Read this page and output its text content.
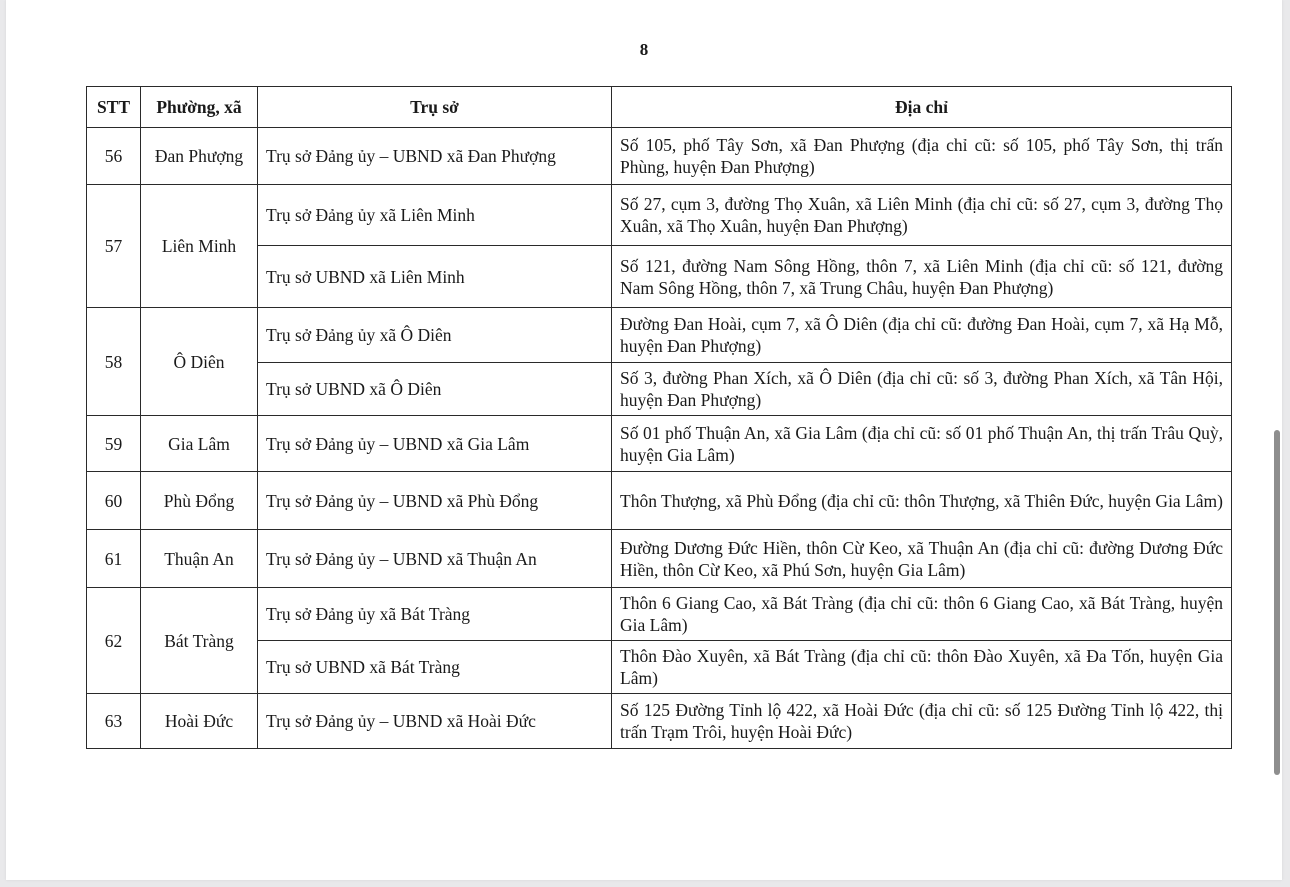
8
STT	Phường, xã	Trụ sở	Địa chỉ
56	Đan Phượng	Trụ sở Đảng ủy – UBND xã Đan Phượng	Số 105, phố Tây Sơn, xã Đan Phượng (địa chỉ cũ: số 105, phố Tây Sơn, thị trấn Phùng, huyện Đan Phượng)
57	Liên Minh	Trụ sở Đảng ủy xã Liên Minh	Số 27, cụm 3, đường Thọ Xuân, xã Liên Minh (địa chỉ cũ: số 27, cụm 3, đường Thọ Xuân, xã Thọ Xuân, huyện Đan Phượng)
		Trụ sở UBND xã Liên Minh	Số 121, đường Nam Sông Hồng, thôn 7, xã Liên Minh (địa chỉ cũ: số 121, đường Nam Sông Hồng, thôn 7, xã Trung Châu, huyện Đan Phượng)
58	Ô Diên	Trụ sở Đảng ủy xã Ô Diên	Đường Đan Hoài, cụm 7, xã Ô Diên (địa chỉ cũ: đường Đan Hoài, cụm 7, xã Hạ Mỗ, huyện Đan Phượng)
		Trụ sở UBND xã Ô Diên	Số 3, đường Phan Xích, xã Ô Diên (địa chỉ cũ: số 3, đường Phan Xích, xã Tân Hội, huyện Đan Phượng)
59	Gia Lâm	Trụ sở Đảng ủy – UBND xã Gia Lâm	Số 01 phố Thuận An, xã Gia Lâm (địa chỉ cũ: số 01 phố Thuận An, thị trấn Trâu Quỳ, huyện Gia Lâm)
60	Phù Đổng	Trụ sở Đảng ủy – UBND xã Phù Đổng	Thôn Thượng, xã Phù Đổng (địa chỉ cũ: thôn Thượng, xã Thiên Đức, huyện Gia Lâm)
61	Thuận An	Trụ sở Đảng ủy – UBND xã Thuận An	Đường Dương Đức Hiền, thôn Cừ Keo, xã Thuận An (địa chỉ cũ: đường Dương Đức Hiền, thôn Cừ Keo, xã Phú Sơn, huyện Gia Lâm)
62	Bát Tràng	Trụ sở Đảng ủy xã Bát Tràng	Thôn 6 Giang Cao, xã Bát Tràng (địa chỉ cũ: thôn 6 Giang Cao, xã Bát Tràng, huyện Gia Lâm)
		Trụ sở UBND xã Bát Tràng	Thôn Đào Xuyên, xã Bát Tràng (địa chỉ cũ: thôn Đào Xuyên, xã Đa Tốn, huyện Gia Lâm)
63	Hoài Đức	Trụ sở Đảng ủy – UBND xã Hoài Đức	Số 125 Đường Tỉnh lộ 422, xã Hoài Đức (địa chỉ cũ: số 125 Đường Tỉnh lộ 422, thị trấn Trạm Trôi, huyện Hoài Đức)
